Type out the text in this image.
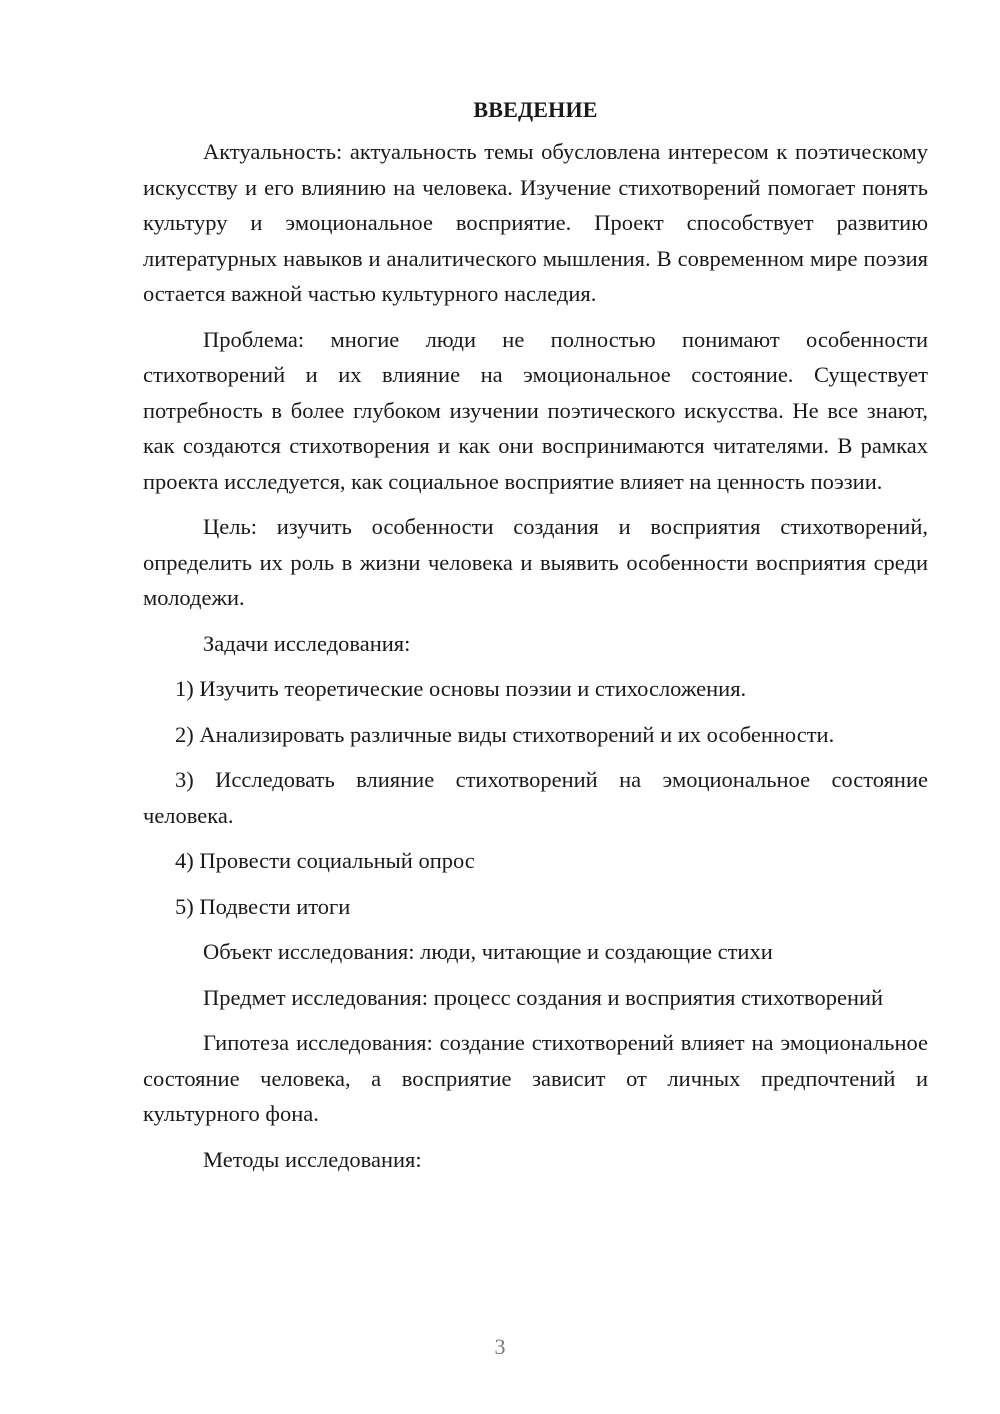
ВВЕДЕНИЕ

Актуальность: актуальность темы обусловлена интересом к поэтическому искусству и его влиянию на человека. Изучение стихотворений помогает понять культуру и эмоциональное восприятие. Проект способствует развитию литературных навыков и аналитического мышления. В современном мире поэзия остается важной частью культурного наследия.

Проблема: многие люди не полностью понимают особенности стихотворений и их влияние на эмоциональное состояние. Существует потребность в более глубоком изучении поэтического искусства. Не все знают, как создаются стихотворения и как они воспринимаются читателями. В рамках проекта исследуется, как социальное восприятие влияет на ценность поэзии.

Цель: изучить особенности создания и восприятия стихотворений, определить их роль в жизни человека и выявить особенности восприятия среди молодежи.

Задачи исследования:

1) Изучить теоретические основы поэзии и стихосложения.

2) Анализировать различные виды стихотворений и их особенности.

3) Исследовать влияние стихотворений на эмоциональное состояние человека.

4) Провести социальный опрос

5) Подвести итоги

Объект исследования: люди, читающие и создающие стихи

Предмет исследования: процесс создания и восприятия стихотворений

Гипотеза исследования: создание стихотворений влияет на эмоциональное состояние человека, а восприятие зависит от личных предпочтений и культурного фона.

Методы исследования:

3
